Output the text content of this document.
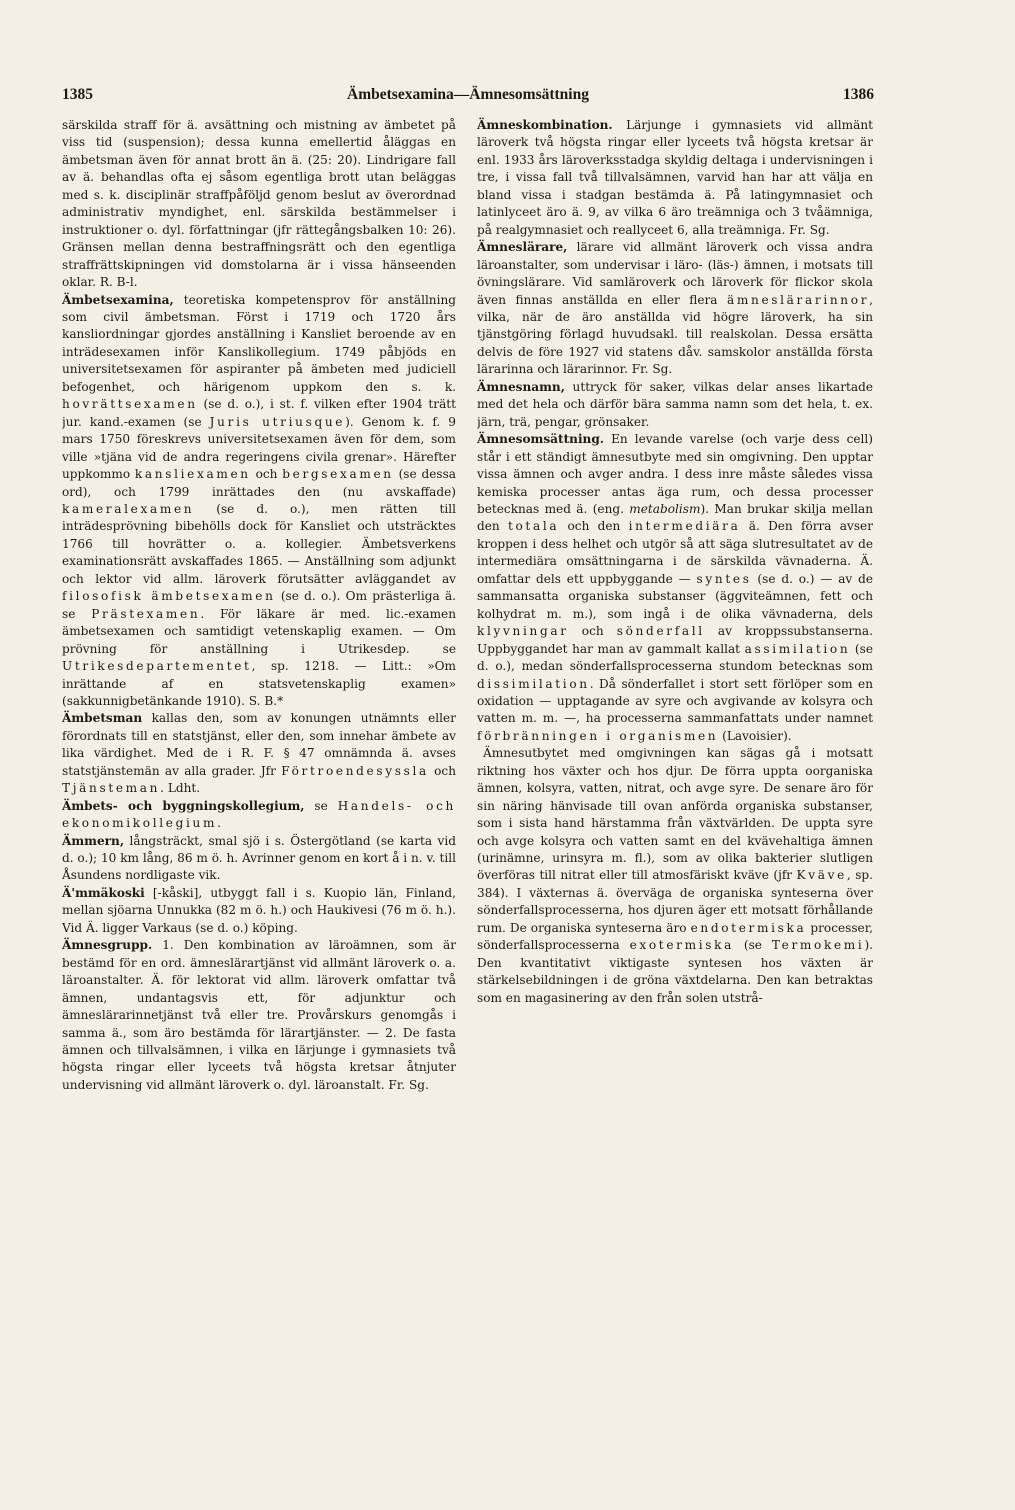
1385	Ämbetsexamina—Ämnesomsättning	1386

särskilda straff för ä. avsättning och mistning av ämbetet på viss tid (suspension); dessa kunna emellertid åläggas en ämbetsman även för annat brott än ä. (25: 20). Lindrigare fall av ä. behandlas ofta ej såsom egentliga brott utan beläggas med s. k. disciplinär straffpåföljd genom beslut av överordnad administrativ myndighet, enl. särskilda bestämmelser i instruktioner o. dyl. författningar (jfr rättegångsbalken 10: 26). Gränsen mellan denna bestraffningsrätt och den egentliga straffrättskipningen vid domstolarna är i vissa hänseenden oklar. R. B-l.

Ämbetsexamina, teoretiska kompetensprov för anställning som civil ämbetsman. Först i 1719 och 1720 års kansliordningar gjordes anställning i Kansliet beroende av en inträdesexamen inför Kanslikollegium. 1749 påbjöds en universitetsexamen för aspiranter på ämbeten med judiciell befogenhet, och härigenom uppkom den s. k. hovrättsexamen (se d. o.), i st. f. vilken efter 1904 trätt jur. kand.-examen (se Juris utriusque). Genom k. f. 9 mars 1750 föreskrevs universitetsexamen även för dem, som ville »tjäna vid de andra regeringens civila grenar». Härefter uppkommo kansliexamen och bergsexamen (se dessa ord), och 1799 inrättades den (nu avskaffade) kameralexamen (se d. o.), men rätten till inträdesprövning bibehölls dock för Kansliet och utsträcktes 1766 till hovrätter o. a. kollegier. Ämbetsverkens examinationsrätt avskaffades 1865. — Anställning som adjunkt och lektor vid allm. läroverk förutsätter avläggandet av filosofisk ämbetsexamen (se d. o.). Om prästerliga ä. se Prästexamen. För läkare är med. lic.-examen ämbetsexamen och samtidigt vetenskaplig examen. — Om prövning för anställning i Utrikesdep. se Utrikesdepartementet, sp. 1218. — Litt.: »Om inrättande af en statsvetenskaplig examen» (sakkunnigbetänkande 1910). S. B.*

Ämbetsman kallas den, som av konungen utnämnts eller förordnats till en statstjänst, eller den, som innehar ämbete av lika värdighet. Med de i R. F. § 47 omnämnda ä. avses statstjänstemän av alla grader. Jfr Förtroendesyssla och Tjänsteman. Ldht.

Ämbets- och byggningskollegium, se Handels- och ekonomikollegium.

Ämmern, långsträckt, smal sjö i s. Östergötland (se karta vid d. o.); 10 km lång, 86 m ö. h. Avrinner genom en kort å i n. v. till Åsundens nordligaste vik.

Ä'mmäkoski [-kåski], utbyggt fall i s. Kuopio län, Finland, mellan sjöarna Unnukka (82 m ö. h.) och Haukivesi (76 m ö. h.). Vid Ä. ligger Varkaus (se d. o.) köping.

Ämnesgrupp. 1. Den kombination av läroämnen, som är bestämd för en ord. ämneslärartjänst vid allmänt läroverk o. a. läroanstalter. Ä. för lektorat vid allm. läroverk omfattar två ämnen, undantagsvis ett, för adjunktur och ämneslärarinnetjänst två eller tre. Provårskurs genomgås i samma ä., som äro bestämda för lärartjänster. — 2. De fasta ämnen och tillvalsämnen, i vilka en lärjunge i gymnasiets två högsta ringar eller lyceets två högsta kretsar åtnjuter undervisning vid allmänt läroverk o. dyl. läroanstalt. Fr. Sg.

Ämneskombination. Lärjunge i gymnasiets vid allmänt läroverk två högsta ringar eller lyceets två högsta kretsar är enl. 1933 års läroverksstadga skyldig deltaga i undervisningen i tre, i vissa fall två tillvalsämnen, varvid han har att välja en bland vissa i stadgan bestämda ä. På latingymnasiet och latinlyceet äro ä. 9, av vilka 6 äro treämniga och 3 tvåämniga, på realgymnasiet och reallyceet 6, alla treämniga. Fr. Sg.

Ämneslärare, lärare vid allmänt läroverk och vissa andra läroanstalter, som undervisar i läro- (läs-) ämnen, i motsats till övningslärare. Vid samläroverk och läroverk för flickor skola även finnas anställda en eller flera ämneslärarinnor, vilka, när de äro anställda vid högre läroverk, ha sin tjänstgöring förlagd huvudsakl. till realskolan. Dessa ersätta delvis de före 1927 vid statens dåv. samskolor anställda första lärarinna och lärarinnor. Fr. Sg.

Ämnesnamn, uttryck för saker, vilkas delar anses likartade med det hela och därför bära samma namn som det hela, t. ex. järn, trä, pengar, grönsaker.

Ämnesomsättning. En levande varelse (och varje dess cell) står i ett ständigt ämnesutbyte med sin omgivning. Den upptar vissa ämnen och avger andra. I dess inre måste således vissa kemiska processer antas äga rum, och dessa processer betecknas med ä. (eng. metabolism). Man brukar skilja mellan den totala och den intermediära ä. Den förra avser kroppen i dess helhet och utgör så att säga slutresultatet av de intermediära omsättningarna i de särskilda vävnaderna. Ä. omfattar dels ett uppbyggande — syntes (se d. o.) — av de sammansatta organiska substanser (äggviteämnen, fett och kolhydrat m. m.), som ingå i de olika vävnaderna, dels klyvningar och sönderfall av kroppssubstanserna. Uppbyggandet har man av gammalt kallat assimilation (se d. o.), medan sönderfallsprocesserna stundom betecknas som dissimilation. Då sönderfallet i stort sett förlöper som en oxidation — upptagande av syre och avgivande av kolsyra och vatten m. m. —, ha processerna sammanfattats under namnet förbränningen i organismen (Lavoisier).

 Ämnesutbytet med omgivningen kan sägas gå i motsatt riktning hos växter och hos djur. De förra uppta oorganiska ämnen, kolsyra, vatten, nitrat, och avge syre. De senare äro för sin näring hänvisade till ovan anförda organiska substanser, som i sista hand härstamma från växtvärlden. De uppta syre och avge kolsyra och vatten samt en del kvävehaltiga ämnen (urinämne, urinsyra m. fl.), som av olika bakterier slutligen överföras till nitrat eller till atmosfäriskt kväve (jfr Kväve, sp. 384). I växternas ä. överväga de organiska synteserna över sönderfallsprocesserna, hos djuren äger ett motsatt förhållande rum. De organiska synteserna äro endotermiska processer, sönderfallsprocesserna exotermiska (se Termokemi). Den kvantitativt viktigaste syntesen hos växten är stärkelsebildningen i de gröna växtdelarna. Den kan betraktas som en magasinering av den från solen utstrå-
